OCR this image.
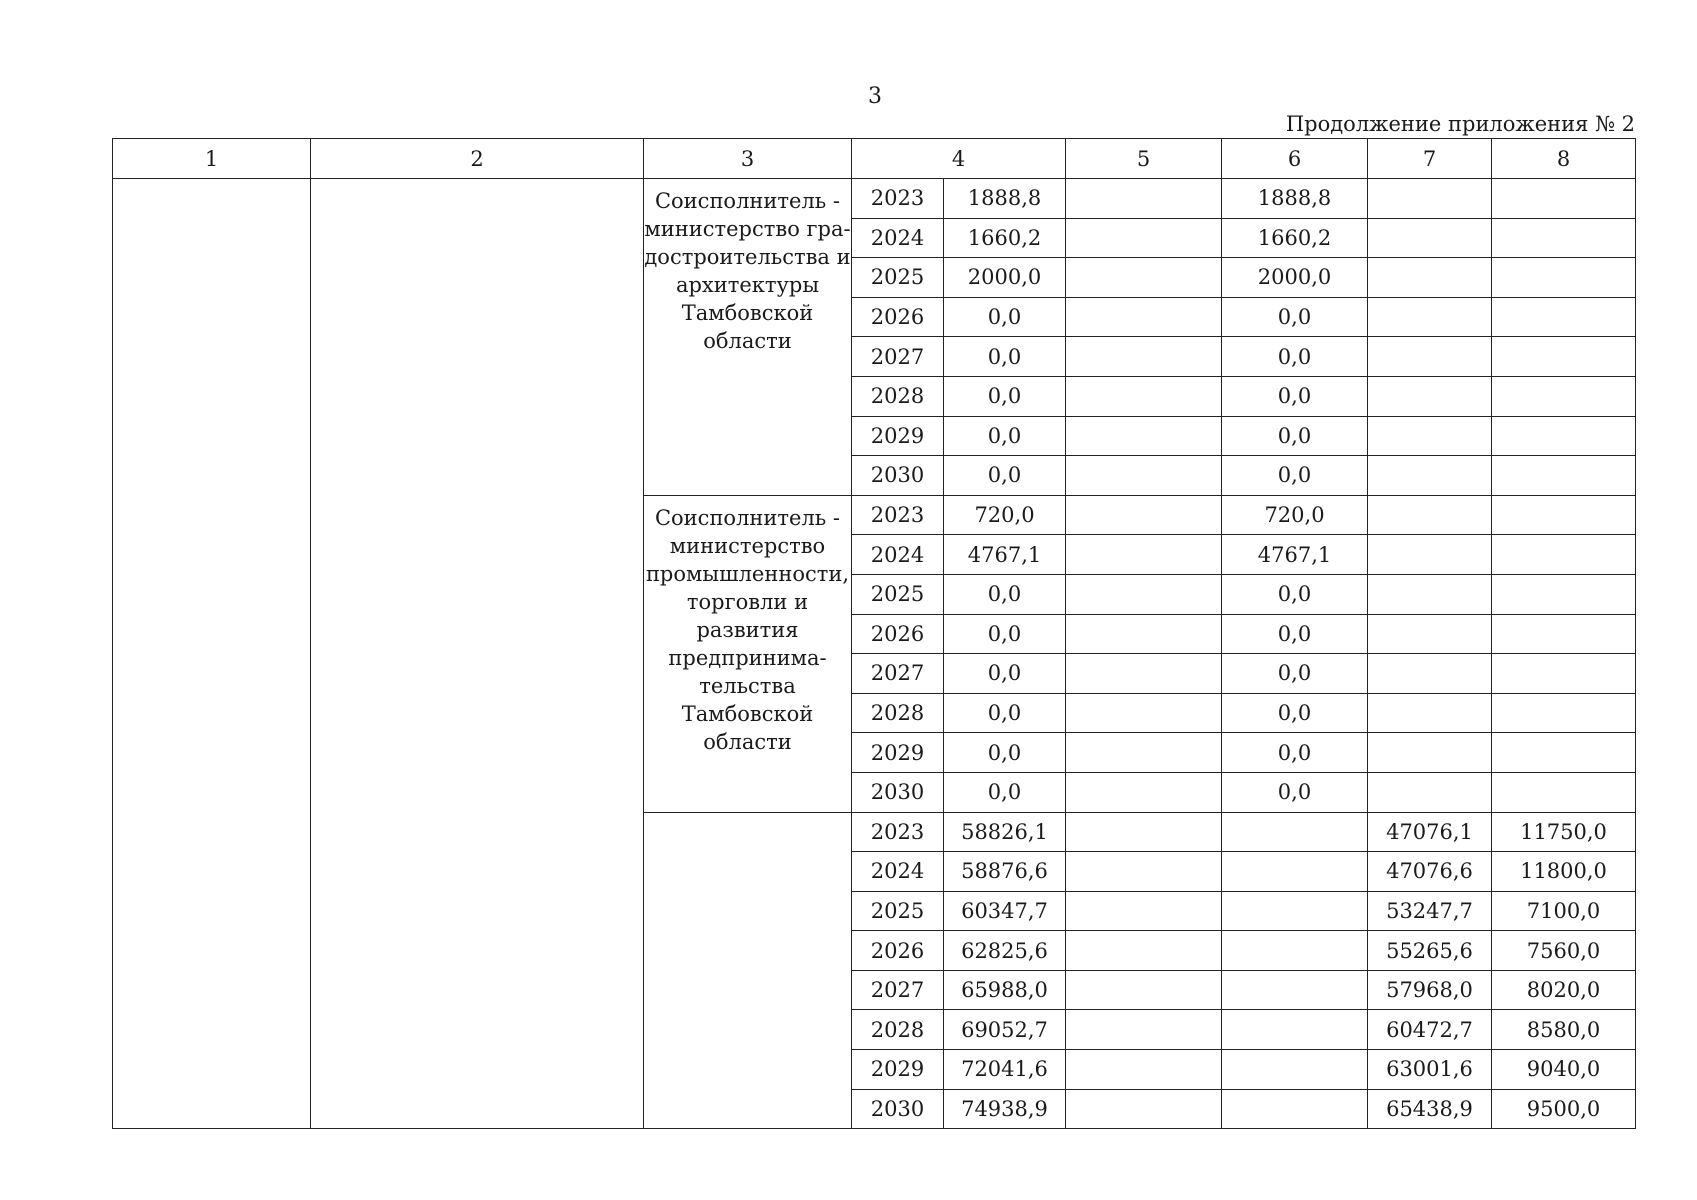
3
Продолжение приложения № 2
1	2	3	4		5	6	7	8
		Соисполнитель - министерство гра-достроительства и архитектуры Тамбовской области	2023	1888,8		1888,8		
			2024	1660,2		1660,2		
			2025	2000,0		2000,0		
			2026	0,0		0,0		
			2027	0,0		0,0		
			2028	0,0		0,0		
			2029	0,0		0,0		
			2030	0,0		0,0		
		Соисполнитель - министерство промышленности, торговли и развития предпринима-тельства Тамбовской области	2023	720,0		720,0		
			2024	4767,1		4767,1		
			2025	0,0		0,0		
			2026	0,0		0,0		
			2027	0,0		0,0		
			2028	0,0		0,0		
			2029	0,0		0,0		
			2030	0,0		0,0		
			2023	58826,1			47076,1	11750,0
			2024	58876,6			47076,6	11800,0
			2025	60347,7			53247,7	7100,0
			2026	62825,6			55265,6	7560,0
			2027	65988,0			57968,0	8020,0
			2028	69052,7			60472,7	8580,0
			2029	72041,6			63001,6	9040,0
			2030	74938,9			65438,9	9500,0
